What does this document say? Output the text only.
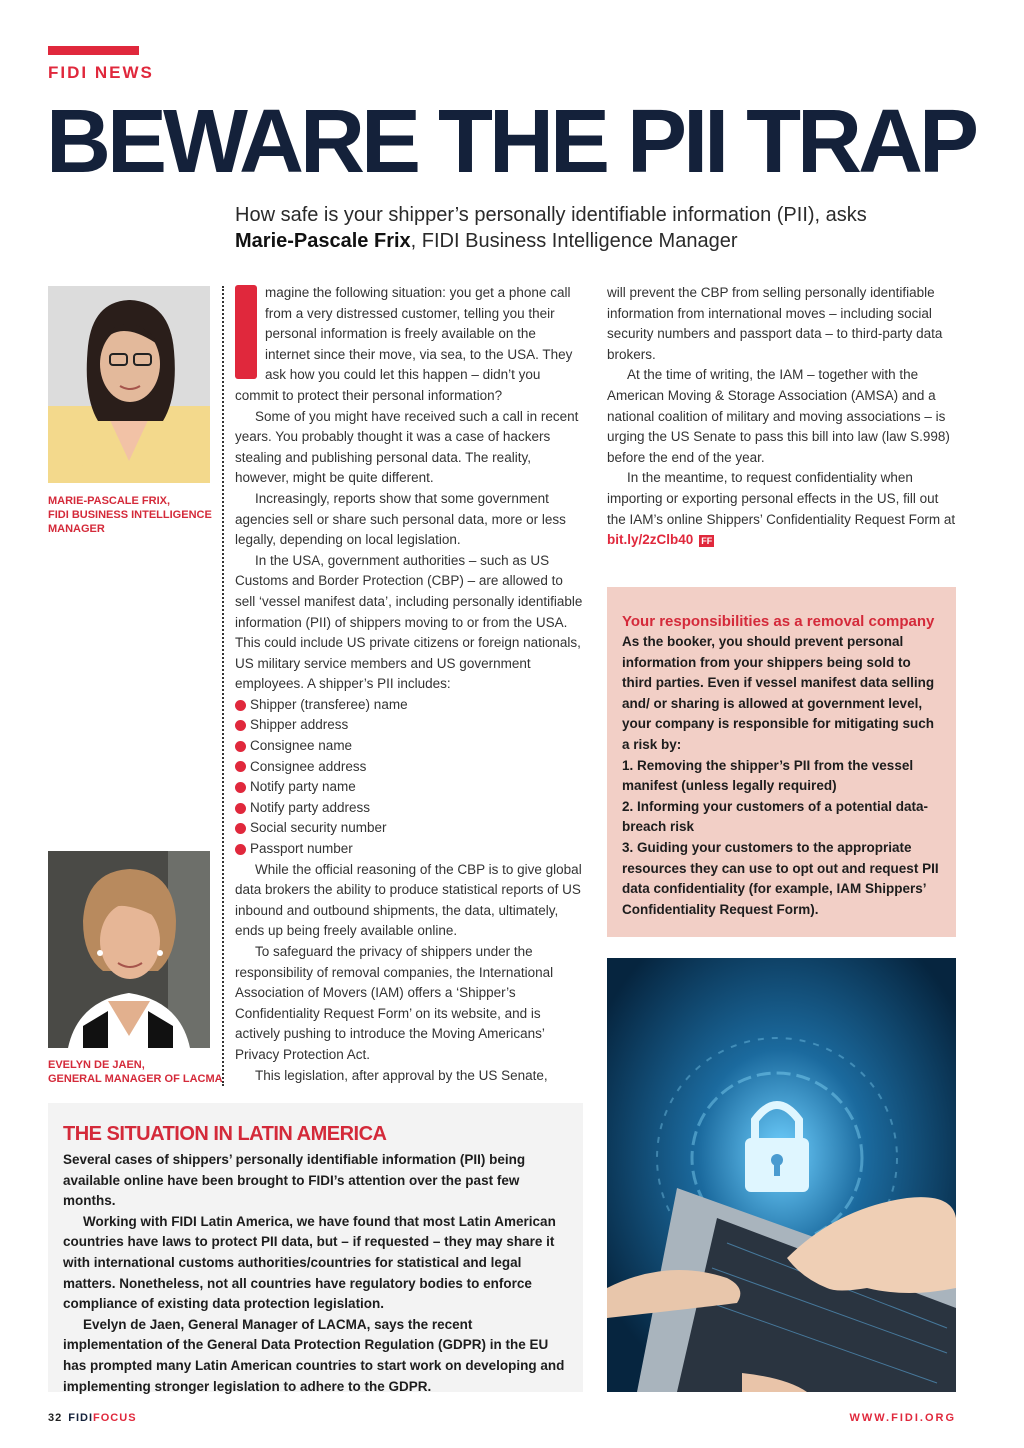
FIDI NEWS
BEWARE THE PII TRAP
How safe is your shipper’s personally identifiable information (PII), asks
Marie-Pascale Frix, FIDI Business Intelligence Manager
MARIE-PASCALE FRIX,
FIDI BUSINESS INTELLIGENCE
MANAGER
EVELYN DE JAEN,
GENERAL MANAGER OF LACMA

magine the following situation: you get a phone call from a very distressed customer, telling you their personal information is freely available on the internet since their move, via sea, to the USA. They ask how you could let this happen – didn’t you commit to protect their personal information?

Some of you might have received such a call in recent years. You probably thought it was a case of hackers stealing and publishing personal data. The reality, however, might be quite different.

Increasingly, reports show that some government agencies sell or share such personal data, more or less legally, depending on local legislation.

In the USA, government authorities – such as US Customs and Border Protection (CBP) – are allowed to sell ‘vessel manifest data’, including personally identifiable information (PII) of shippers moving to or from the USA. This could include US private citizens or foreign nationals, US military service members and US government employees. A shipper’s PII includes:

Shipper (transferee) name
Shipper address
Consignee name
Consignee address
Notify party name
Notify party address
Social security number
Passport number

While the official reasoning of the CBP is to give global data brokers the ability to produce statistical reports of US inbound and outbound shipments, the data, ultimately, ends up being freely available online.

To safeguard the privacy of shippers under the responsibility of removal companies, the International Association of Movers (IAM) offers a ‘Shipper’s Confidentiality Request Form’ on its website, and is actively pushing to introduce the Moving Americans’ Privacy Protection Act.

This legislation, after approval by the US Senate,

will prevent the CBP from selling personally identifiable information from international moves – including social security numbers and passport data – to third-party data brokers.

At the time of writing, the IAM – together with the American Moving & Storage Association (AMSA) and a national coalition of military and moving associations – is urging the US Senate to pass this bill into law (law S.998) before the end of the year.

In the meantime, to request confidentiality when importing or exporting personal effects in the US, fill out the IAM’s online Shippers’ Confidentiality Request Form at

bit.ly/2zClb40 FF
Your responsibilities as a removal company
As the booker, you should prevent personal information from your shippers being sold to third parties. Even if vessel manifest data selling and/ or sharing is allowed at government level, your company is responsible for mitigating such a risk by:
1. Removing the shipper’s PII from the vessel manifest (unless legally required)
2. Informing your customers of a potential data-breach risk
3. Guiding your customers to the appropriate resources they can use to opt out and request PII data confidentiality (for example, IAM Shippers’ Confidentiality Request Form).
THE SITUATION IN LATIN AMERICA

Several cases of shippers’ personally identifiable information (PII) being available online have been brought to FIDI’s attention over the past few months.

Working with FIDI Latin America, we have found that most Latin American countries have laws to protect PII data, but – if requested – they may share it with international customs authorities/countries for statistical and legal matters. Nonetheless, not all countries have regulatory bodies to enforce compliance of existing data protection legislation.

Evelyn de Jaen, General Manager of LACMA, says the recent implementation of the General Data Protection Regulation (GDPR) in the EU has prompted many Latin American countries to start work on developing and implementing stronger legislation to adhere to the GDPR.

32 FIDIFOCUS	WWW.FIDI.ORG
